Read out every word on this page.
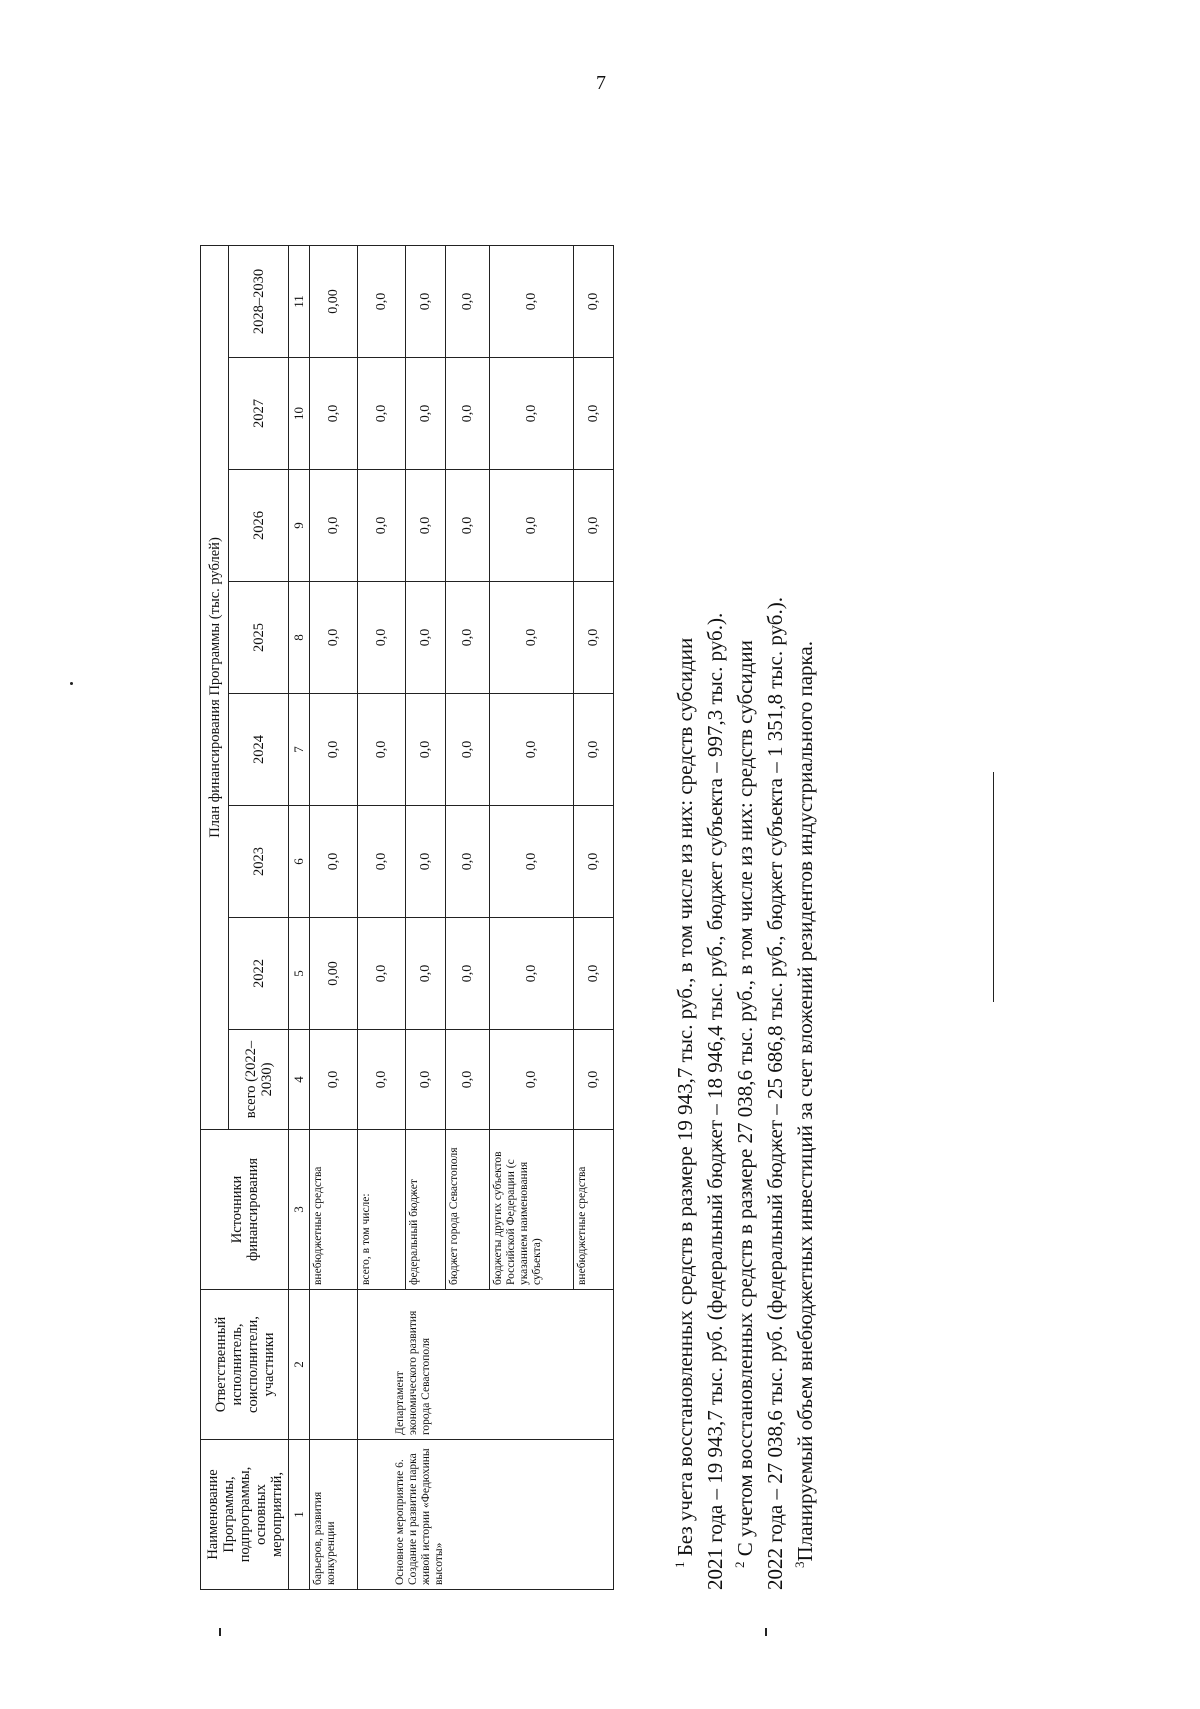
7
Наименование Программы, подпрограммы, основных мероприятий,	Ответственный исполнитель, соисполнители, участники	Источники финансирования	План финансирования Программы (тыс. рублей)							
			всего (2022–2030)	2022	2023	2024	2025	2026	2027	2028–2030
1	2	3	4	5	6	7	8	9	10	11
барьеров, развития конкуренции		внебюджетные средства	0,0	0,00	0,0	0,0	0,0	0,0	0,0	0,00
Основное мероприятие 6. Создание и развитие парка живой истории «Федюхины высоты»	Департамент экономического развития города Севастополя	всего, в том числе:	0,0	0,0	0,0	0,0	0,0	0,0	0,0	0,0
		федеральный бюджет	0,0	0,0	0,0	0,0	0,0	0,0	0,0	0,0
		бюджет города Севастополя	0,0	0,0	0,0	0,0	0,0	0,0	0,0	0,0
		бюджеты других субъектов Российской Федерации (с указанием наименования субъекта)	0,0	0,0	0,0	0,0	0,0	0,0	0,0	0,0
		внебюджетные средства	0,0	0,0	0,0	0,0	0,0	0,0	0,0	0,0

$^1$ Без учета восстановленных средств в размере 19 943,7 тыс. руб., в том числе из них: средств субсидии 2021 года – 19 943,7 тыс. руб. (федеральный бюджет – 18 946,4 тыс. руб., бюджет субъекта – 997,3 тыс. руб.). $^2$ С учетом восстановленных средств в размере 27 038,6 тыс. руб., в том числе из них: средств субсидии 2022 года – 27 038,6 тыс. руб. (федеральный бюджет – 25 686,8 тыс. руб., бюджет субъекта – 1 351,8 тыс. руб.). $^3$Планируемый объем внебюджетных инвестиций за счет вложений резидентов индустриального парка.
